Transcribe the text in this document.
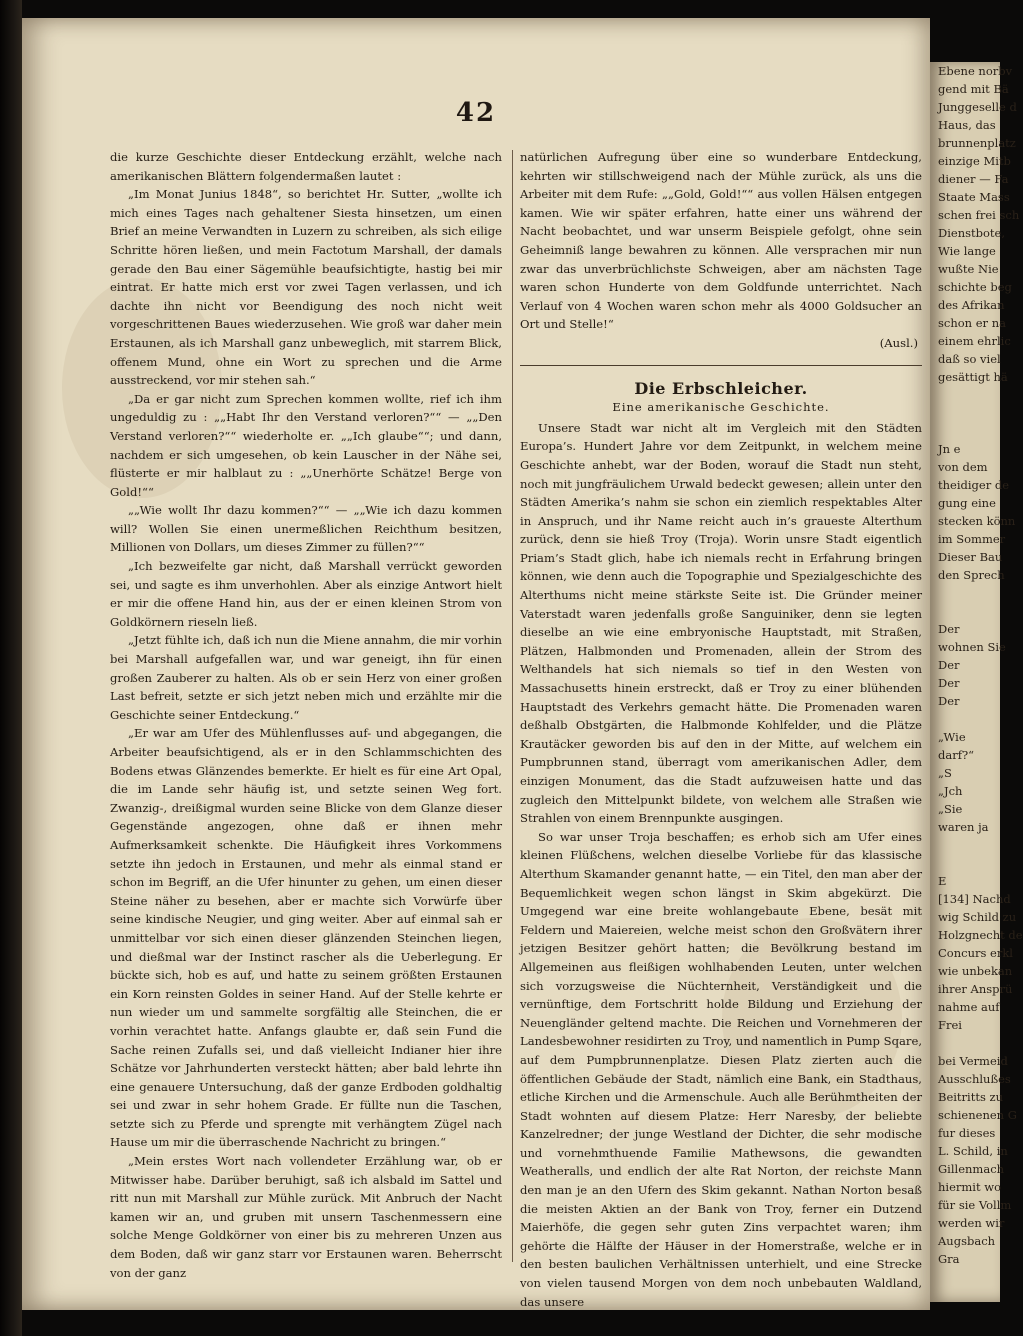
42

die kurze Geschichte dieser Entdeckung erzählt, welche nach amerikanischen Blättern folgendermaßen lautet :

„Im Monat Junius 1848“, so berichtet Hr. Sutter, „wollte ich mich eines Tages nach gehaltener Siesta hinsetzen, um einen Brief an meine Verwandten in Luzern zu schreiben, als sich eilige Schritte hören ließen, und mein Factotum Marshall, der damals gerade den Bau einer Sägemühle beaufsichtigte, hastig bei mir eintrat. Er hatte mich erst vor zwei Tagen verlassen, und ich dachte ihn nicht vor Beendigung des noch nicht weit vorgeschrittenen Baues wiederzusehen. Wie groß war daher mein Erstaunen, als ich Marshall ganz unbeweglich, mit starrem Blick, offenem Mund, ohne ein Wort zu sprechen und die Arme ausstreckend, vor mir stehen sah.“

„Da er gar nicht zum Sprechen kommen wollte, rief ich ihm ungeduldig zu : „„Habt Ihr den Verstand verloren?““ — „„Den Verstand verloren?““ wiederholte er. „„Ich glaube““; und dann, nachdem er sich umgesehen, ob kein Lauscher in der Nähe sei, flüsterte er mir halblaut zu : „„Unerhörte Schätze! Berge von Gold!““

„„Wie wollt Ihr dazu kommen?““ — „„Wie ich dazu kommen will? Wollen Sie einen unermeßlichen Reichthum besitzen, Millionen von Dollars, um dieses Zimmer zu füllen?““

„Ich bezweifelte gar nicht, daß Marshall verrückt geworden sei, und sagte es ihm unverhohlen. Aber als einzige Antwort hielt er mir die offene Hand hin, aus der er einen kleinen Strom von Goldkörnern rieseln ließ.

„Jetzt fühlte ich, daß ich nun die Miene annahm, die mir vorhin bei Marshall aufgefallen war, und war geneigt, ihn für einen großen Zauberer zu halten. Als ob er sein Herz von einer großen Last befreit, setzte er sich jetzt neben mich und erzählte mir die Geschichte seiner Entdeckung.“

„Er war am Ufer des Mühlenflusses auf- und abgegangen, die Arbeiter beaufsichtigend, als er in den Schlammschichten des Bodens etwas Glänzendes bemerkte. Er hielt es für eine Art Opal, die im Lande sehr häufig ist, und setzte seinen Weg fort. Zwanzig-, dreißigmal wurden seine Blicke von dem Glanze dieser Gegenstände angezogen, ohne daß er ihnen mehr Aufmerksamkeit schenkte. Die Häufigkeit ihres Vorkommens setzte ihn jedoch in Erstaunen, und mehr als einmal stand er schon im Begriff, an die Ufer hinunter zu gehen, um einen dieser Steine näher zu besehen, aber er machte sich Vorwürfe über seine kindische Neugier, und ging weiter. Aber auf einmal sah er unmittelbar vor sich einen dieser glänzenden Steinchen liegen, und dießmal war der Instinct rascher als die Ueberlegung. Er bückte sich, hob es auf, und hatte zu seinem größten Erstaunen ein Korn reinsten Goldes in seiner Hand. Auf der Stelle kehrte er nun wieder um und sammelte sorgfältig alle Steinchen, die er vorhin verachtet hatte. Anfangs glaubte er, daß sein Fund die Sache reinen Zufalls sei, und daß vielleicht Indianer hier ihre Schätze vor Jahrhunderten versteckt hätten; aber bald lehrte ihn eine genauere Untersuchung, daß der ganze Erdboden goldhaltig sei und zwar in sehr hohem Grade. Er füllte nun die Taschen, setzte sich zu Pferde und sprengte mit verhängtem Zügel nach Hause um mir die überraschende Nachricht zu bringen.“

„Mein erstes Wort nach vollendeter Erzählung war, ob er Mitwisser habe. Darüber beruhigt, saß ich alsbald im Sattel und ritt nun mit Marshall zur Mühle zurück. Mit Anbruch der Nacht kamen wir an, und gruben mit unsern Taschenmessern eine solche Menge Goldkörner von einer bis zu mehreren Unzen aus dem Boden, daß wir ganz starr vor Erstaunen waren. Beherrscht von der ganz

natürlichen Aufregung über eine so wunderbare Entdeckung, kehrten wir stillschweigend nach der Mühle zurück, als uns die Arbeiter mit dem Rufe: „„Gold, Gold!““ aus vollen Hälsen entgegen kamen. Wie wir später erfahren, hatte einer uns während der Nacht beobachtet, und war unserm Beispiele gefolgt, ohne sein Geheimniß lange bewahren zu können. Alle versprachen mir nun zwar das unverbrüchlichste Schweigen, aber am nächsten Tage waren schon Hunderte von dem Goldfunde unterrichtet. Nach Verlauf von 4 Wochen waren schon mehr als 4000 Goldsucher an Ort und Stelle!“

(Ausl.)

Die Erbschleicher.
Eine amerikanische Geschichte.

Unsere Stadt war nicht alt im Vergleich mit den Städten Europa’s. Hundert Jahre vor dem Zeitpunkt, in welchem meine Geschichte anhebt, war der Boden, worauf die Stadt nun steht, noch mit jungfräulichem Urwald bedeckt gewesen; allein unter den Städten Amerika’s nahm sie schon ein ziemlich respektables Alter in Anspruch, und ihr Name reicht auch in’s graueste Alterthum zurück, denn sie hieß Troy (Troja). Worin unsre Stadt eigentlich Priam’s Stadt glich, habe ich niemals recht in Erfahrung bringen können, wie denn auch die Topographie und Spezialgeschichte des Alterthums nicht meine stärkste Seite ist. Die Gründer meiner Vaterstadt waren jedenfalls große Sanguiniker, denn sie legten dieselbe an wie eine embryonische Hauptstadt, mit Straßen, Plätzen, Halbmonden und Promenaden, allein der Strom des Welthandels hat sich niemals so tief in den Westen von Massachusetts hinein erstreckt, daß er Troy zu einer blühenden Hauptstadt des Verkehrs gemacht hätte. Die Promenaden waren deßhalb Obstgärten, die Halbmonde Kohlfelder, und die Plätze Krautäcker geworden bis auf den in der Mitte, auf welchem ein Pumpbrunnen stand, überragt vom amerikanischen Adler, dem einzigen Monument, das die Stadt aufzuweisen hatte und das zugleich den Mittelpunkt bildete, von welchem alle Straßen wie Strahlen von einem Brennpunkte ausgingen.

So war unser Troja beschaffen; es erhob sich am Ufer eines kleinen Flüßchens, welchen dieselbe Vorliebe für das klassische Alterthum Skamander genannt hatte, — ein Titel, den man aber der Bequemlichkeit wegen schon längst in Skim abgekürzt. Die Umgegend war eine breite wohlangebaute Ebene, besät mit Feldern und Maiereien, welche meist schon den Großvätern ihrer jetzigen Besitzer gehört hatten; die Bevölkrung bestand im Allgemeinen aus fleißigen wohlhabenden Leuten, unter welchen sich vorzugsweise die Nüchternheit, Verständigkeit und die vernünftige, dem Fortschritt holde Bildung und Erziehung der Neuengländer geltend machte. Die Reichen und Vornehmeren der Landesbewohner residirten zu Troy, und namentlich in Pump Sqare, auf dem Pumpbrunnenplatze. Diesen Platz zierten auch die öffentlichen Gebäude der Stadt, nämlich eine Bank, ein Stadthaus, etliche Kirchen und die Armenschule. Auch alle Berühmtheiten der Stadt wohnten auf diesem Platze: Herr Naresby, der beliebte Kanzelredner; der junge Westland der Dichter, die sehr modische und vornehmthuende Familie Mathewsons, die gewandten Weatheralls, und endlich der alte Rat Norton, der reichste Mann den man je an den Ufern des Skim gekannt. Nathan Norton besaß die meisten Aktien an der Bank von Troy, ferner ein Dutzend Maierhöfe, die gegen sehr guten Zins verpachtet waren; ihm gehörte die Hälfte der Häuser in der Homerstraße, welche er in den besten baulichen Verhältnissen unterhielt, und eine Strecke von vielen tausend Morgen von dem noch unbebauten Waldland, das unsere

Ebene norbv
gend mit Bä
Junggeselle d
Haus, das
brunnenplatz
einzige Mitb
diener — Fa
Staate Mass
schen frei sch
Dienstbote,
Wie lange
wußte Nie
schichte beg
des Afrikan
schon er na
einem ehrlic
daß so viel
gesättigt hä

Jn e
von dem
theidiger de
gung eine
stecken könn
im Sommer
Dieser Bau
den Sprech

Der
wohnen Sie
Der
Der
Der

„Wie
darf?“
„S
„Jch
„Sie
waren ja

E
[134] Nachd
wig Schild zu
Holzgnecht de
Concurs erkl
wie unbekan
ihrer Ansprü
nahme auf
Frei

bei Vermeid
Ausschlußes
Beitritts zu
schienenen G
fur dieses
L. Schild, in
Gillenmach
hiermit wo
für sie Vollm
werden wir
Augsbach
Gra
